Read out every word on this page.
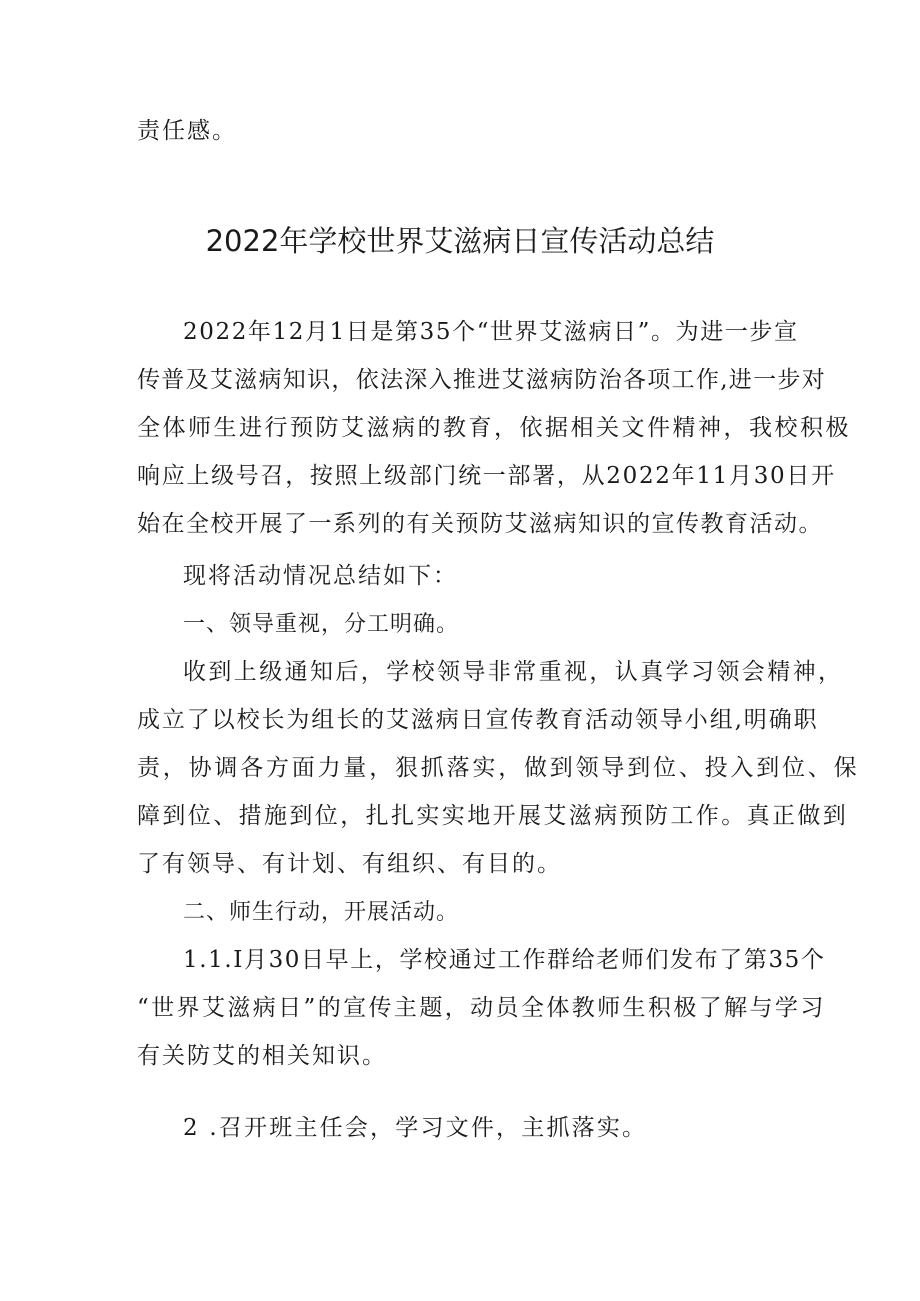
责任感。
2022年学校世界艾滋病日宣传活动总结
2022年12月1日是第35个“世界艾滋病日”。为进一步宣
传普及艾滋病知识，依法深入推进艾滋病防治各项工作,进一步对
全体师生进行预防艾滋病的教育，依据相关文件精神，我校积极
响应上级号召，按照上级部门统一部署，从2022年11月30日开
始在全校开展了一系列的有关预防艾滋病知识的宣传教育活动。
现将活动情况总结如下：
一、领导重视，分工明确。
收到上级通知后，学校领导非常重视，认真学习领会精神，
成立了以校长为组长的艾滋病日宣传教育活动领导小组,明确职
责，协调各方面力量，狠抓落实，做到领导到位、投入到位、保
障到位、措施到位，扎扎实实地开展艾滋病预防工作。真正做到
了有领导、有计划、有组织、有目的。
二、师生行动，开展活动。
1.1.I月30日早上，学校通过工作群给老师们发布了第35个
“世界艾滋病日”的宣传主题，动员全体教师生积极了解与学习
有关防艾的相关知识。
2 .召开班主任会，学习文件，主抓落实。
